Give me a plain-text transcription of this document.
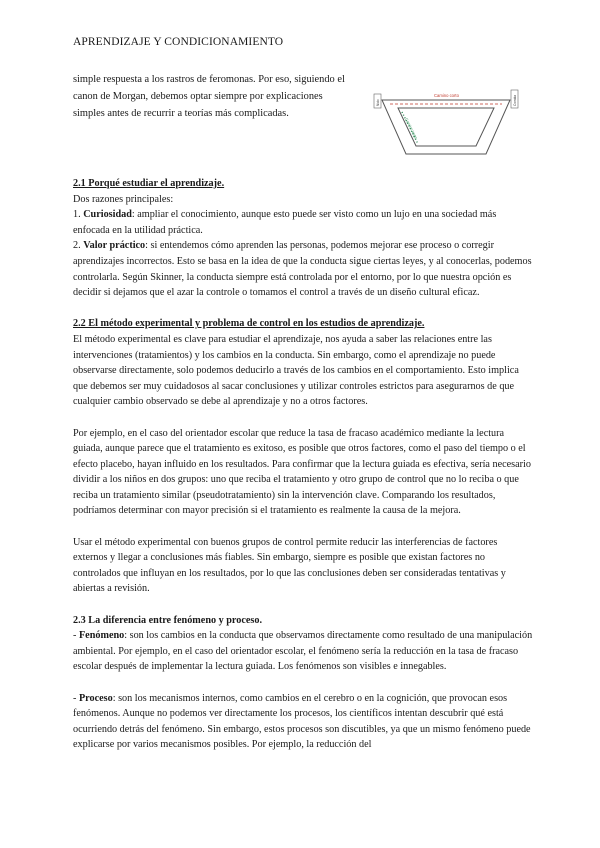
APRENDIZAJE Y CONDICIONAMIENTO
simple respuesta a los rastros de feromonas. Por eso, siguiendo el
canon de Morgan, debemos optar siempre por explicaciones
simples antes de recurrir a teorías más complicadas.
Camino corto
Camino largo
Nido	Comida

2.1 Porqué estudiar el aprendizaje.

Dos razones principales:

1. Curiosidad: ampliar el conocimiento, aunque esto puede ser visto como un lujo en una sociedad más enfocada en la utilidad práctica.

2. Valor práctico: si entendemos cómo aprenden las personas, podemos mejorar ese proceso o corregir aprendizajes incorrectos. Esto se basa en la idea de que la conducta sigue ciertas leyes, y al conocerlas, podemos controlarla. Según Skinner, la conducta siempre está controlada por el entorno, por lo que nuestra opción es decidir si dejamos que el azar la controle o tomamos el control a través de un diseño cultural eficaz.

2.2 El método experimental y problema de control en los estudios de aprendizaje.

El método experimental es clave para estudiar el aprendizaje, nos ayuda a saber las relaciones entre las intervenciones (tratamientos) y los cambios en la conducta. Sin embargo, como el aprendizaje no puede observarse directamente, solo podemos deducirlo a través de los cambios en el comportamiento. Esto implica que debemos ser muy cuidadosos al sacar conclusiones y utilizar controles estrictos para asegurarnos de que cualquier cambio observado se debe al aprendizaje y no a otros factores.

Por ejemplo, en el caso del orientador escolar que reduce la tasa de fracaso académico mediante la lectura guiada, aunque parece que el tratamiento es exitoso, es posible que otros factores, como el paso del tiempo o el efecto placebo, hayan influido en los resultados. Para confirmar que la lectura guiada es efectiva, sería necesario dividir a los niños en dos grupos: uno que reciba el tratamiento y otro grupo de control que no lo reciba o que reciba un tratamiento similar (pseudotratamiento) sin la intervención clave. Comparando los resultados, podríamos determinar con mayor precisión si el tratamiento es realmente la causa de la mejora.

Usar el método experimental con buenos grupos de control permite reducir las interferencias de factores externos y llegar a conclusiones más fiables. Sin embargo, siempre es posible que existan factores no controlados que influyan en los resultados, por lo que las conclusiones deben ser consideradas tentativas y abiertas a revisión.

2.3 La diferencia entre fenómeno y proceso.

- Fenómeno: son los cambios en la conducta que observamos directamente como resultado de una manipulación ambiental. Por ejemplo, en el caso del orientador escolar, el fenómeno sería la reducción en la tasa de fracaso escolar después de implementar la lectura guiada. Los fenómenos son visibles e innegables.

- Proceso: son los mecanismos internos, como cambios en el cerebro o en la cognición, que provocan esos fenómenos. Aunque no podemos ver directamente los procesos, los científicos intentan descubrir qué está ocurriendo detrás del fenómeno. Sin embargo, estos procesos son discutibles, ya que un mismo fenómeno puede explicarse por varios mecanismos posibles. Por ejemplo, la reducción del
